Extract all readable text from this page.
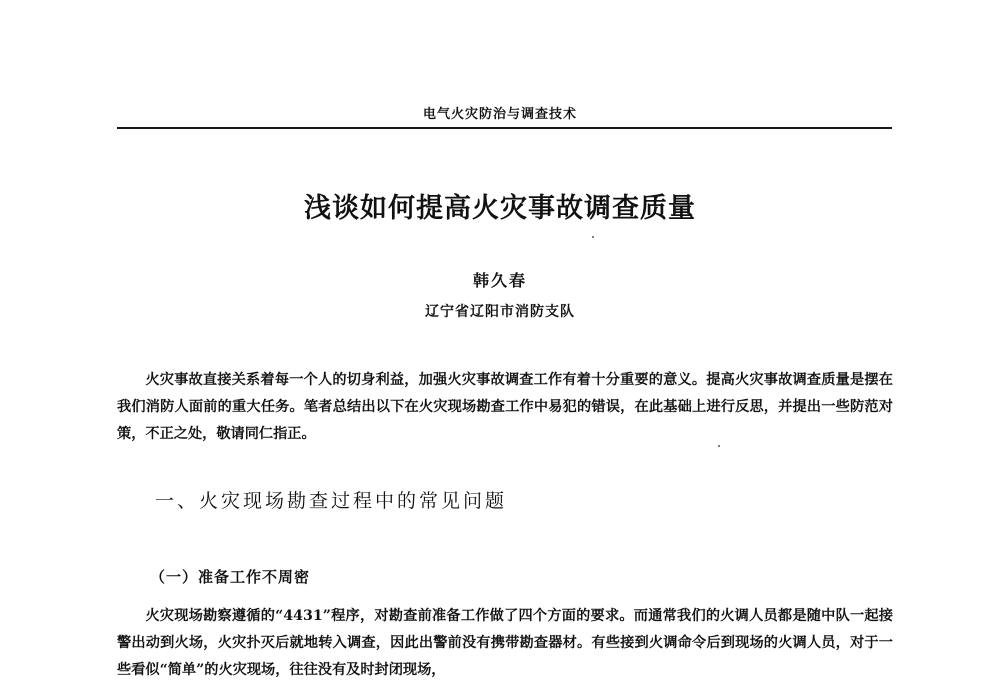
电气火灾防治与调查技术
浅谈如何提高火灾事故调查质量
韩久春
辽宁省辽阳市消防支队

火灾事故直接关系着每一个人的切身利益，加强火灾事故调查工作有着十分重要的意义。提高火灾事故调查质量是摆在我们消防人面前的重大任务。笔者总结出以下在火灾现场勘查工作中易犯的错误，在此基础上进行反思，并提出一些防范对策，不正之处，敬请同仁指正。

一、火灾现场勘查过程中的常见问题
（一）准备工作不周密

火灾现场勘察遵循的“4431”程序，对勘查前准备工作做了四个方面的要求。而通常我们的火调人员都是随中队一起接警出动到火场，火灾扑灭后就地转入调查，因此出警前没有携带勘查器材。有些接到火调命令后到现场的火调人员，对于一些看似“简单”的火灾现场，往往没有及时封闭现场，
